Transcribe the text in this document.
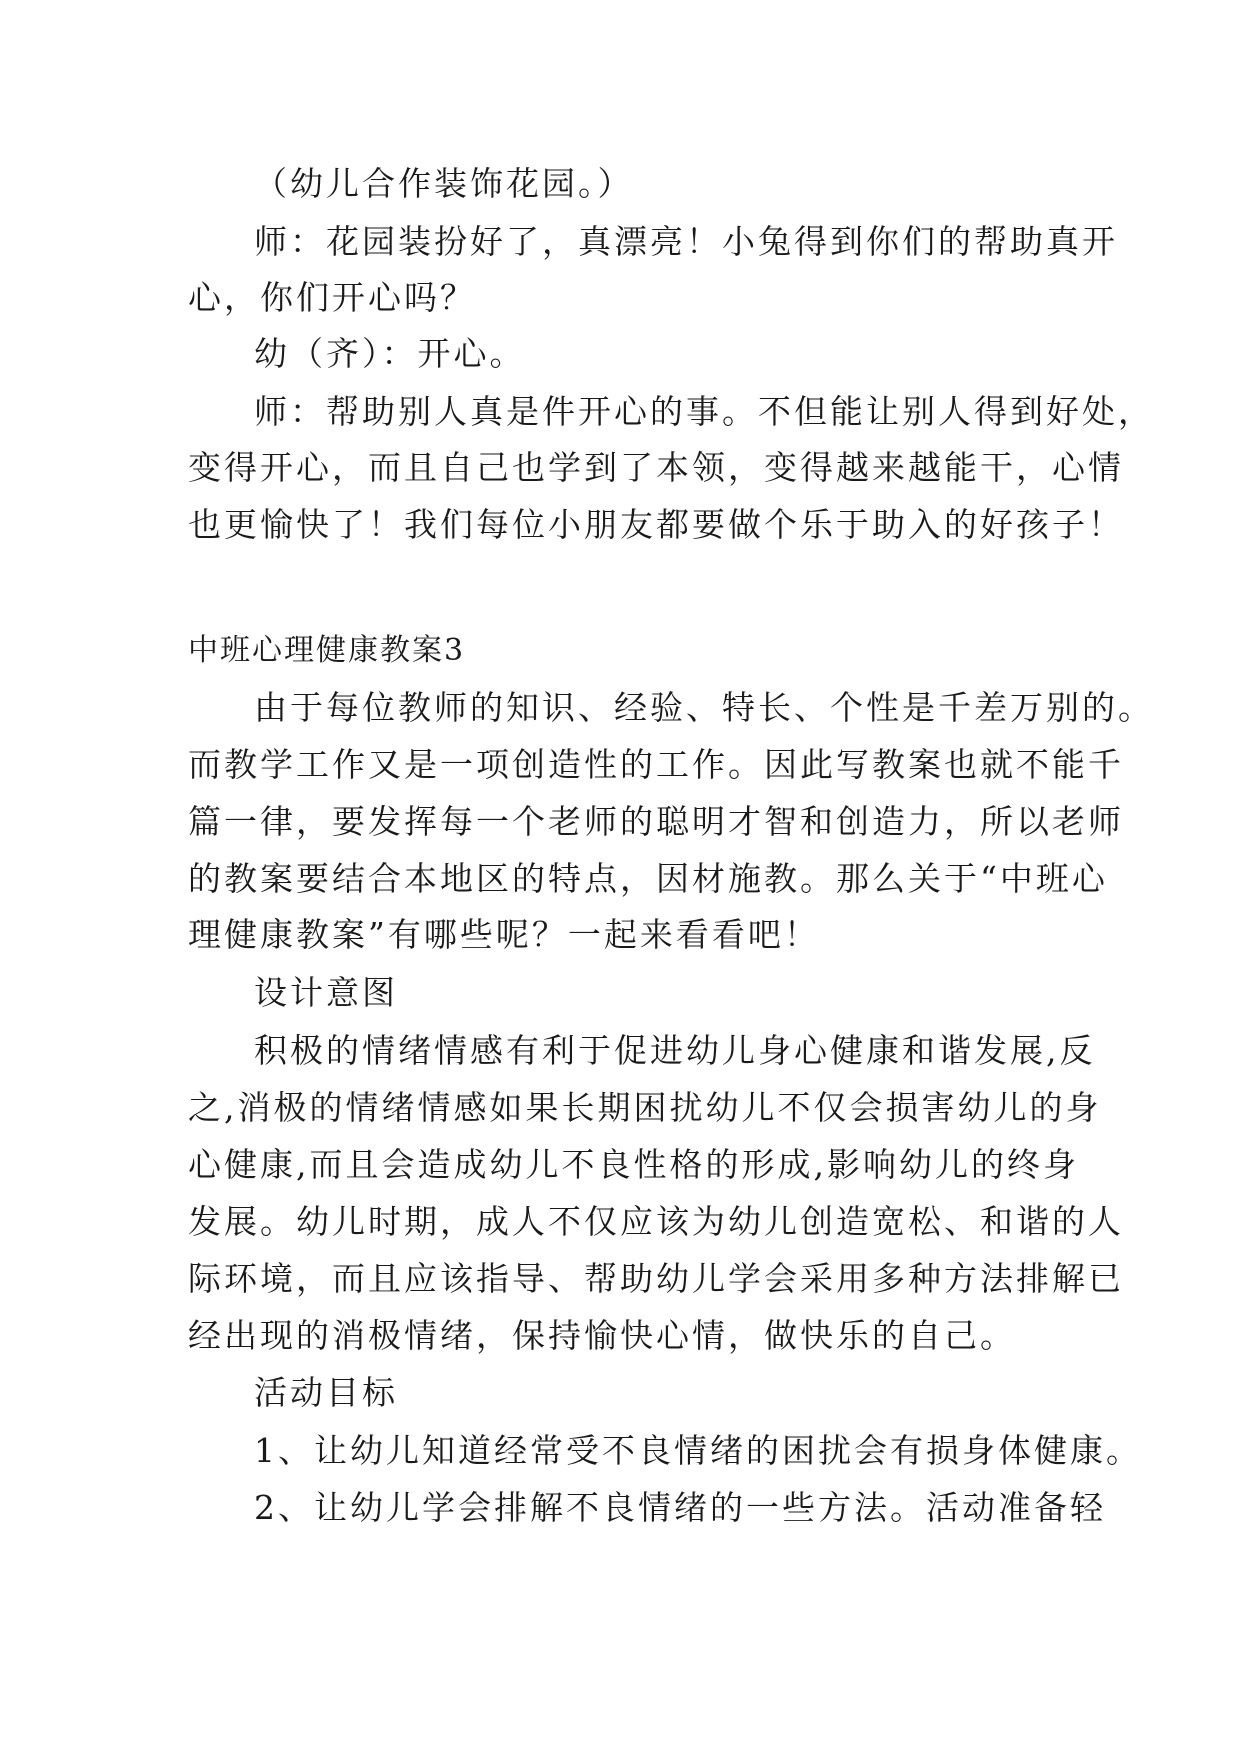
（幼儿合作装饰花园。）
师：花园装扮好了，真漂亮！小兔得到你们的帮助真开
心，你们开心吗？
幼（齐）：开心。
师：帮助别人真是件开心的事。不但能让别人得到好处，
变得开心，而且自己也学到了本领，变得越来越能干，心情
也更愉快了！我们每位小朋友都要做个乐于助入的好孩子！
中班心理健康教案3
由于每位教师的知识、经验、特长、个性是千差万别的。
而教学工作又是一项创造性的工作。因此写教案也就不能千
篇一律，要发挥每一个老师的聪明才智和创造力，所以老师
的教案要结合本地区的特点，因材施教。那么关于“中班心
理健康教案”有哪些呢？一起来看看吧！
设计意图
积极的情绪情感有利于促进幼儿身心健康和谐发展,反
之,消极的情绪情感如果长期困扰幼儿不仅会损害幼儿的身
心健康,而且会造成幼儿不良性格的形成,影响幼儿的终身
发展。幼儿时期，成人不仅应该为幼儿创造宽松、和谐的人
际环境，而且应该指导、帮助幼儿学会采用多种方法排解已
经出现的消极情绪，保持愉快心情，做快乐的自己。
活动目标
1、让幼儿知道经常受不良情绪的困扰会有损身体健康。
2、让幼儿学会排解不良情绪的一些方法。活动准备轻
